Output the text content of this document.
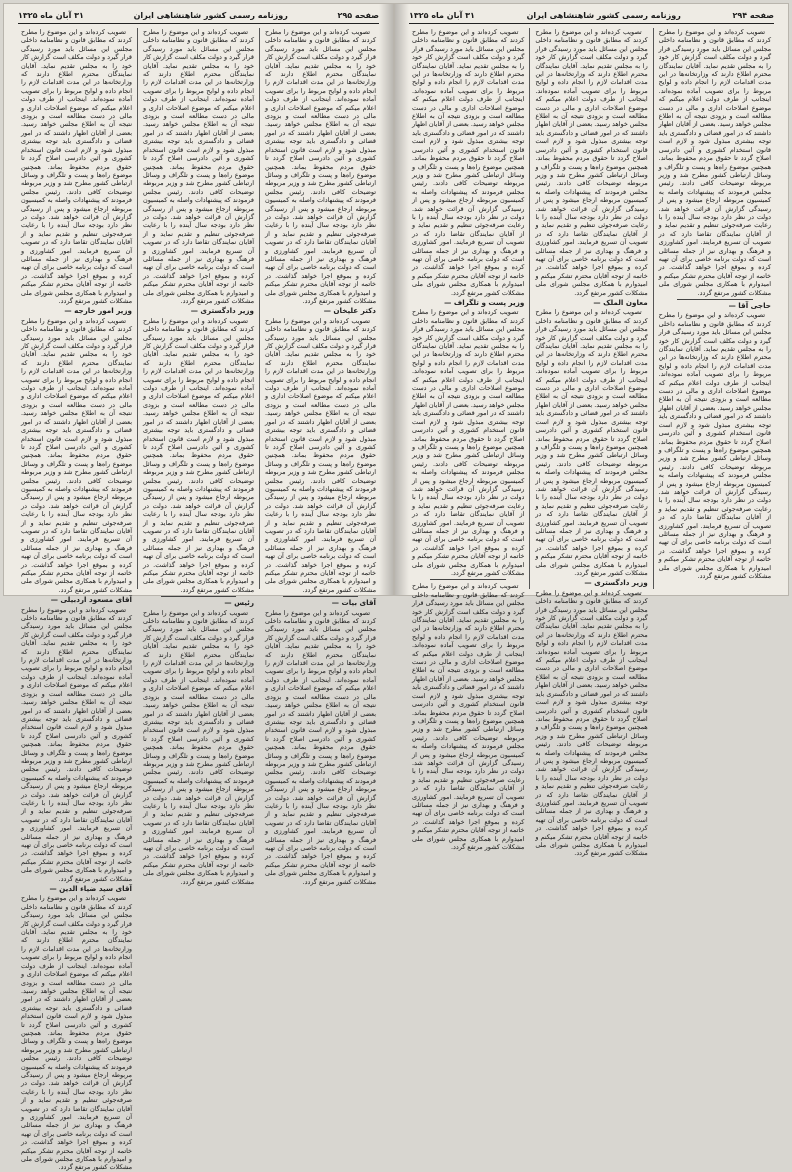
صفحه ۲۹۵
روزنامه رسمی کشور شاهنشاهی ایران
۳۱ آبان ماه ۱۳۲۵

تصویب کرده‌اند و این موضوع را مطرح کردند که مطابق قانون و نظامنامه داخلی مجلس این مسائل باید مورد رسیدگی قرار گیرد و دولت مکلف است گزارش کار خود را به مجلس تقدیم نماید. آقایان نمایندگان محترم اطلاع دارند که وزارتخانه‌ها در این مدت اقدامات لازم را انجام داده و لوایح مربوط را برای تصویب آماده نموده‌اند. اینجانب از طرف دولت اعلام میکنم که موضوع اصلاحات اداری و مالی در دست مطالعه است و بزودی نتیجه آن به اطلاع مجلس خواهد رسید. بعضی از آقایان اظهار داشتند که در امور قضائی و دادگستری باید توجه بیشتری مبذول شود و لازم است قانون استخدام کشوری و آئین دادرسی اصلاح گردد تا حقوق مردم محفوظ بماند. همچنین موضوع راه‌ها و پست و تلگراف و وسائل ارتباطی کشور مطرح شد و وزیر مربوطه توضیحات کافی دادند. رئیس مجلس فرمودند که پیشنهادات واصله به کمیسیون مربوطه ارجاع میشود و پس از رسیدگی گزارش آن قرائت خواهد شد. دولت در نظر دارد بودجه سال آینده را با رعایت صرفه‌جوئی تنظیم و تقدیم نماید و از آقایان نمایندگان تقاضا دارد که در تصویب آن تسریع فرمایند. امور کشاورزی و فرهنگ و بهداری نیز از جمله مسائلی است که دولت برنامه خاصی برای آن تهیه کرده و بموقع اجرا خواهد گذاشت. در خاتمه از توجه آقایان محترم تشکر میکنم و امیدوارم با همکاری مجلس شورای ملی مشکلات کشور مرتفع گردد.

دکتر علیخان —

تصویب کرده‌اند و این موضوع را مطرح کردند که مطابق قانون و نظامنامه داخلی مجلس این مسائل باید مورد رسیدگی قرار گیرد و دولت مکلف است گزارش کار خود را به مجلس تقدیم نماید. آقایان نمایندگان محترم اطلاع دارند که وزارتخانه‌ها در این مدت اقدامات لازم را انجام داده و لوایح مربوط را برای تصویب آماده نموده‌اند. اینجانب از طرف دولت اعلام میکنم که موضوع اصلاحات اداری و مالی در دست مطالعه است و بزودی نتیجه آن به اطلاع مجلس خواهد رسید. بعضی از آقایان اظهار داشتند که در امور قضائی و دادگستری باید توجه بیشتری مبذول شود و لازم است قانون استخدام کشوری و آئین دادرسی اصلاح گردد تا حقوق مردم محفوظ بماند. همچنین موضوع راه‌ها و پست و تلگراف و وسائل ارتباطی کشور مطرح شد و وزیر مربوطه توضیحات کافی دادند. رئیس مجلس فرمودند که پیشنهادات واصله به کمیسیون مربوطه ارجاع میشود و پس از رسیدگی گزارش آن قرائت خواهد شد. دولت در نظر دارد بودجه سال آینده را با رعایت صرفه‌جوئی تنظیم و تقدیم نماید و از آقایان نمایندگان تقاضا دارد که در تصویب آن تسریع فرمایند. امور کشاورزی و فرهنگ و بهداری نیز از جمله مسائلی است که دولت برنامه خاصی برای آن تهیه کرده و بموقع اجرا خواهد گذاشت. در خاتمه از توجه آقایان محترم تشکر میکنم و امیدوارم با همکاری مجلس شورای ملی مشکلات کشور مرتفع گردد.

آقای بیات —

تصویب کرده‌اند و این موضوع را مطرح کردند که مطابق قانون و نظامنامه داخلی مجلس این مسائل باید مورد رسیدگی قرار گیرد و دولت مکلف است گزارش کار خود را به مجلس تقدیم نماید. آقایان نمایندگان محترم اطلاع دارند که وزارتخانه‌ها در این مدت اقدامات لازم را انجام داده و لوایح مربوط را برای تصویب آماده نموده‌اند. اینجانب از طرف دولت اعلام میکنم که موضوع اصلاحات اداری و مالی در دست مطالعه است و بزودی نتیجه آن به اطلاع مجلس خواهد رسید. بعضی از آقایان اظهار داشتند که در امور قضائی و دادگستری باید توجه بیشتری مبذول شود و لازم است قانون استخدام کشوری و آئین دادرسی اصلاح گردد تا حقوق مردم محفوظ بماند. همچنین موضوع راه‌ها و پست و تلگراف و وسائل ارتباطی کشور مطرح شد و وزیر مربوطه توضیحات کافی دادند. رئیس مجلس فرمودند که پیشنهادات واصله به کمیسیون مربوطه ارجاع میشود و پس از رسیدگی گزارش آن قرائت خواهد شد. دولت در نظر دارد بودجه سال آینده را با رعایت صرفه‌جوئی تنظیم و تقدیم نماید و از آقایان نمایندگان تقاضا دارد که در تصویب آن تسریع فرمایند. امور کشاورزی و فرهنگ و بهداری نیز از جمله مسائلی است که دولت برنامه خاصی برای آن تهیه کرده و بموقع اجرا خواهد گذاشت. در خاتمه از توجه آقایان محترم تشکر میکنم و امیدوارم با همکاری مجلس شورای ملی مشکلات کشور مرتفع گردد.

تصویب کرده‌اند و این موضوع را مطرح کردند که مطابق قانون و نظامنامه داخلی مجلس این مسائل باید مورد رسیدگی قرار گیرد و دولت مکلف است گزارش کار خود را به مجلس تقدیم نماید. آقایان نمایندگان محترم اطلاع دارند که وزارتخانه‌ها در این مدت اقدامات لازم را انجام داده و لوایح مربوط را برای تصویب آماده نموده‌اند. اینجانب از طرف دولت اعلام میکنم که موضوع اصلاحات اداری و مالی در دست مطالعه است و بزودی نتیجه آن به اطلاع مجلس خواهد رسید. بعضی از آقایان اظهار داشتند که در امور قضائی و دادگستری باید توجه بیشتری مبذول شود و لازم است قانون استخدام کشوری و آئین دادرسی اصلاح گردد تا حقوق مردم محفوظ بماند. همچنین موضوع راه‌ها و پست و تلگراف و وسائل ارتباطی کشور مطرح شد و وزیر مربوطه توضیحات کافی دادند. رئیس مجلس فرمودند که پیشنهادات واصله به کمیسیون مربوطه ارجاع میشود و پس از رسیدگی گزارش آن قرائت خواهد شد. دولت در نظر دارد بودجه سال آینده را با رعایت صرفه‌جوئی تنظیم و تقدیم نماید و از آقایان نمایندگان تقاضا دارد که در تصویب آن تسریع فرمایند. امور کشاورزی و فرهنگ و بهداری نیز از جمله مسائلی است که دولت برنامه خاصی برای آن تهیه کرده و بموقع اجرا خواهد گذاشت. در خاتمه از توجه آقایان محترم تشکر میکنم و امیدوارم با همکاری مجلس شورای ملی مشکلات کشور مرتفع گردد.

وزیر دادگستری —

تصویب کرده‌اند و این موضوع را مطرح کردند که مطابق قانون و نظامنامه داخلی مجلس این مسائل باید مورد رسیدگی قرار گیرد و دولت مکلف است گزارش کار خود را به مجلس تقدیم نماید. آقایان نمایندگان محترم اطلاع دارند که وزارتخانه‌ها در این مدت اقدامات لازم را انجام داده و لوایح مربوط را برای تصویب آماده نموده‌اند. اینجانب از طرف دولت اعلام میکنم که موضوع اصلاحات اداری و مالی در دست مطالعه است و بزودی نتیجه آن به اطلاع مجلس خواهد رسید. بعضی از آقایان اظهار داشتند که در امور قضائی و دادگستری باید توجه بیشتری مبذول شود و لازم است قانون استخدام کشوری و آئین دادرسی اصلاح گردد تا حقوق مردم محفوظ بماند. همچنین موضوع راه‌ها و پست و تلگراف و وسائل ارتباطی کشور مطرح شد و وزیر مربوطه توضیحات کافی دادند. رئیس مجلس فرمودند که پیشنهادات واصله به کمیسیون مربوطه ارجاع میشود و پس از رسیدگی گزارش آن قرائت خواهد شد. دولت در نظر دارد بودجه سال آینده را با رعایت صرفه‌جوئی تنظیم و تقدیم نماید و از آقایان نمایندگان تقاضا دارد که در تصویب آن تسریع فرمایند. امور کشاورزی و فرهنگ و بهداری نیز از جمله مسائلی است که دولت برنامه خاصی برای آن تهیه کرده و بموقع اجرا خواهد گذاشت. در خاتمه از توجه آقایان محترم تشکر میکنم و امیدوارم با همکاری مجلس شورای ملی مشکلات کشور مرتفع گردد.

رئیس —

تصویب کرده‌اند و این موضوع را مطرح کردند که مطابق قانون و نظامنامه داخلی مجلس این مسائل باید مورد رسیدگی قرار گیرد و دولت مکلف است گزارش کار خود را به مجلس تقدیم نماید. آقایان نمایندگان محترم اطلاع دارند که وزارتخانه‌ها در این مدت اقدامات لازم را انجام داده و لوایح مربوط را برای تصویب آماده نموده‌اند. اینجانب از طرف دولت اعلام میکنم که موضوع اصلاحات اداری و مالی در دست مطالعه است و بزودی نتیجه آن به اطلاع مجلس خواهد رسید. بعضی از آقایان اظهار داشتند که در امور قضائی و دادگستری باید توجه بیشتری مبذول شود و لازم است قانون استخدام کشوری و آئین دادرسی اصلاح گردد تا حقوق مردم محفوظ بماند. همچنین موضوع راه‌ها و پست و تلگراف و وسائل ارتباطی کشور مطرح شد و وزیر مربوطه توضیحات کافی دادند. رئیس مجلس فرمودند که پیشنهادات واصله به کمیسیون مربوطه ارجاع میشود و پس از رسیدگی گزارش آن قرائت خواهد شد. دولت در نظر دارد بودجه سال آینده را با رعایت صرفه‌جوئی تنظیم و تقدیم نماید و از آقایان نمایندگان تقاضا دارد که در تصویب آن تسریع فرمایند. امور کشاورزی و فرهنگ و بهداری نیز از جمله مسائلی است که دولت برنامه خاصی برای آن تهیه کرده و بموقع اجرا خواهد گذاشت. در خاتمه از توجه آقایان محترم تشکر میکنم و امیدوارم با همکاری مجلس شورای ملی مشکلات کشور مرتفع گردد.

تصویب کرده‌اند و این موضوع را مطرح کردند که مطابق قانون و نظامنامه داخلی مجلس این مسائل باید مورد رسیدگی قرار گیرد و دولت مکلف است گزارش کار خود را به مجلس تقدیم نماید. آقایان نمایندگان محترم اطلاع دارند که وزارتخانه‌ها در این مدت اقدامات لازم را انجام داده و لوایح مربوط را برای تصویب آماده نموده‌اند. اینجانب از طرف دولت اعلام میکنم که موضوع اصلاحات اداری و مالی در دست مطالعه است و بزودی نتیجه آن به اطلاع مجلس خواهد رسید. بعضی از آقایان اظهار داشتند که در امور قضائی و دادگستری باید توجه بیشتری مبذول شود و لازم است قانون استخدام کشوری و آئین دادرسی اصلاح گردد تا حقوق مردم محفوظ بماند. همچنین موضوع راه‌ها و پست و تلگراف و وسائل ارتباطی کشور مطرح شد و وزیر مربوطه توضیحات کافی دادند. رئیس مجلس فرمودند که پیشنهادات واصله به کمیسیون مربوطه ارجاع میشود و پس از رسیدگی گزارش آن قرائت خواهد شد. دولت در نظر دارد بودجه سال آینده را با رعایت صرفه‌جوئی تنظیم و تقدیم نماید و از آقایان نمایندگان تقاضا دارد که در تصویب آن تسریع فرمایند. امور کشاورزی و فرهنگ و بهداری نیز از جمله مسائلی است که دولت برنامه خاصی برای آن تهیه کرده و بموقع اجرا خواهد گذاشت. در خاتمه از توجه آقایان محترم تشکر میکنم و امیدوارم با همکاری مجلس شورای ملی مشکلات کشور مرتفع گردد.

وزیر امور خارجه —

تصویب کرده‌اند و این موضوع را مطرح کردند که مطابق قانون و نظامنامه داخلی مجلس این مسائل باید مورد رسیدگی قرار گیرد و دولت مکلف است گزارش کار خود را به مجلس تقدیم نماید. آقایان نمایندگان محترم اطلاع دارند که وزارتخانه‌ها در این مدت اقدامات لازم را انجام داده و لوایح مربوط را برای تصویب آماده نموده‌اند. اینجانب از طرف دولت اعلام میکنم که موضوع اصلاحات اداری و مالی در دست مطالعه است و بزودی نتیجه آن به اطلاع مجلس خواهد رسید. بعضی از آقایان اظهار داشتند که در امور قضائی و دادگستری باید توجه بیشتری مبذول شود و لازم است قانون استخدام کشوری و آئین دادرسی اصلاح گردد تا حقوق مردم محفوظ بماند. همچنین موضوع راه‌ها و پست و تلگراف و وسائل ارتباطی کشور مطرح شد و وزیر مربوطه توضیحات کافی دادند. رئیس مجلس فرمودند که پیشنهادات واصله به کمیسیون مربوطه ارجاع میشود و پس از رسیدگی گزارش آن قرائت خواهد شد. دولت در نظر دارد بودجه سال آینده را با رعایت صرفه‌جوئی تنظیم و تقدیم نماید و از آقایان نمایندگان تقاضا دارد که در تصویب آن تسریع فرمایند. امور کشاورزی و فرهنگ و بهداری نیز از جمله مسائلی است که دولت برنامه خاصی برای آن تهیه کرده و بموقع اجرا خواهد گذاشت. در خاتمه از توجه آقایان محترم تشکر میکنم و امیدوارم با همکاری مجلس شورای ملی مشکلات کشور مرتفع گردد.

آقای مسعود اردبیلی —

تصویب کرده‌اند و این موضوع را مطرح کردند که مطابق قانون و نظامنامه داخلی مجلس این مسائل باید مورد رسیدگی قرار گیرد و دولت مکلف است گزارش کار خود را به مجلس تقدیم نماید. آقایان نمایندگان محترم اطلاع دارند که وزارتخانه‌ها در این مدت اقدامات لازم را انجام داده و لوایح مربوط را برای تصویب آماده نموده‌اند. اینجانب از طرف دولت اعلام میکنم که موضوع اصلاحات اداری و مالی در دست مطالعه است و بزودی نتیجه آن به اطلاع مجلس خواهد رسید. بعضی از آقایان اظهار داشتند که در امور قضائی و دادگستری باید توجه بیشتری مبذول شود و لازم است قانون استخدام کشوری و آئین دادرسی اصلاح گردد تا حقوق مردم محفوظ بماند. همچنین موضوع راه‌ها و پست و تلگراف و وسائل ارتباطی کشور مطرح شد و وزیر مربوطه توضیحات کافی دادند. رئیس مجلس فرمودند که پیشنهادات واصله به کمیسیون مربوطه ارجاع میشود و پس از رسیدگی گزارش آن قرائت خواهد شد. دولت در نظر دارد بودجه سال آینده را با رعایت صرفه‌جوئی تنظیم و تقدیم نماید و از آقایان نمایندگان تقاضا دارد که در تصویب آن تسریع فرمایند. امور کشاورزی و فرهنگ و بهداری نیز از جمله مسائلی است که دولت برنامه خاصی برای آن تهیه کرده و بموقع اجرا خواهد گذاشت. در خاتمه از توجه آقایان محترم تشکر میکنم و امیدوارم با همکاری مجلس شورای ملی مشکلات کشور مرتفع گردد.

آقای سید ضیاء الدین —

تصویب کرده‌اند و این موضوع را مطرح کردند که مطابق قانون و نظامنامه داخلی مجلس این مسائل باید مورد رسیدگی قرار گیرد و دولت مکلف است گزارش کار خود را به مجلس تقدیم نماید. آقایان نمایندگان محترم اطلاع دارند که وزارتخانه‌ها در این مدت اقدامات لازم را انجام داده و لوایح مربوط را برای تصویب آماده نموده‌اند. اینجانب از طرف دولت اعلام میکنم که موضوع اصلاحات اداری و مالی در دست مطالعه است و بزودی نتیجه آن به اطلاع مجلس خواهد رسید. بعضی از آقایان اظهار داشتند که در امور قضائی و دادگستری باید توجه بیشتری مبذول شود و لازم است قانون استخدام کشوری و آئین دادرسی اصلاح گردد تا حقوق مردم محفوظ بماند. همچنین موضوع راه‌ها و پست و تلگراف و وسائل ارتباطی کشور مطرح شد و وزیر مربوطه توضیحات کافی دادند. رئیس مجلس فرمودند که پیشنهادات واصله به کمیسیون مربوطه ارجاع میشود و پس از رسیدگی گزارش آن قرائت خواهد شد. دولت در نظر دارد بودجه سال آینده را با رعایت صرفه‌جوئی تنظیم و تقدیم نماید و از آقایان نمایندگان تقاضا دارد که در تصویب آن تسریع فرمایند. امور کشاورزی و فرهنگ و بهداری نیز از جمله مسائلی است که دولت برنامه خاصی برای آن تهیه کرده و بموقع اجرا خواهد گذاشت. در خاتمه از توجه آقایان محترم تشکر میکنم و امیدوارم با همکاری مجلس شورای ملی مشکلات کشور مرتفع گردد.

صفحه ۲۹۴
روزنامه رسمی کشور شاهنشاهی ایران
۳۱ آبان ماه ۱۳۲۵

تصویب کرده‌اند و این موضوع را مطرح کردند که مطابق قانون و نظامنامه داخلی مجلس این مسائل باید مورد رسیدگی قرار گیرد و دولت مکلف است گزارش کار خود را به مجلس تقدیم نماید. آقایان نمایندگان محترم اطلاع دارند که وزارتخانه‌ها در این مدت اقدامات لازم را انجام داده و لوایح مربوط را برای تصویب آماده نموده‌اند. اینجانب از طرف دولت اعلام میکنم که موضوع اصلاحات اداری و مالی در دست مطالعه است و بزودی نتیجه آن به اطلاع مجلس خواهد رسید. بعضی از آقایان اظهار داشتند که در امور قضائی و دادگستری باید توجه بیشتری مبذول شود و لازم است قانون استخدام کشوری و آئین دادرسی اصلاح گردد تا حقوق مردم محفوظ بماند. همچنین موضوع راه‌ها و پست و تلگراف و وسائل ارتباطی کشور مطرح شد و وزیر مربوطه توضیحات کافی دادند. رئیس مجلس فرمودند که پیشنهادات واصله به کمیسیون مربوطه ارجاع میشود و پس از رسیدگی گزارش آن قرائت خواهد شد. دولت در نظر دارد بودجه سال آینده را با رعایت صرفه‌جوئی تنظیم و تقدیم نماید و از آقایان نمایندگان تقاضا دارد که در تصویب آن تسریع فرمایند. امور کشاورزی و فرهنگ و بهداری نیز از جمله مسائلی است که دولت برنامه خاصی برای آن تهیه کرده و بموقع اجرا خواهد گذاشت. در خاتمه از توجه آقایان محترم تشکر میکنم و امیدوارم با همکاری مجلس شورای ملی مشکلات کشور مرتفع گردد.

حاجی آقا —

تصویب کرده‌اند و این موضوع را مطرح کردند که مطابق قانون و نظامنامه داخلی مجلس این مسائل باید مورد رسیدگی قرار گیرد و دولت مکلف است گزارش کار خود را به مجلس تقدیم نماید. آقایان نمایندگان محترم اطلاع دارند که وزارتخانه‌ها در این مدت اقدامات لازم را انجام داده و لوایح مربوط را برای تصویب آماده نموده‌اند. اینجانب از طرف دولت اعلام میکنم که موضوع اصلاحات اداری و مالی در دست مطالعه است و بزودی نتیجه آن به اطلاع مجلس خواهد رسید. بعضی از آقایان اظهار داشتند که در امور قضائی و دادگستری باید توجه بیشتری مبذول شود و لازم است قانون استخدام کشوری و آئین دادرسی اصلاح گردد تا حقوق مردم محفوظ بماند. همچنین موضوع راه‌ها و پست و تلگراف و وسائل ارتباطی کشور مطرح شد و وزیر مربوطه توضیحات کافی دادند. رئیس مجلس فرمودند که پیشنهادات واصله به کمیسیون مربوطه ارجاع میشود و پس از رسیدگی گزارش آن قرائت خواهد شد. دولت در نظر دارد بودجه سال آینده را با رعایت صرفه‌جوئی تنظیم و تقدیم نماید و از آقایان نمایندگان تقاضا دارد که در تصویب آن تسریع فرمایند. امور کشاورزی و فرهنگ و بهداری نیز از جمله مسائلی است که دولت برنامه خاصی برای آن تهیه کرده و بموقع اجرا خواهد گذاشت. در خاتمه از توجه آقایان محترم تشکر میکنم و امیدوارم با همکاری مجلس شورای ملی مشکلات کشور مرتفع گردد.

تصویب کرده‌اند و این موضوع را مطرح کردند که مطابق قانون و نظامنامه داخلی مجلس این مسائل باید مورد رسیدگی قرار گیرد و دولت مکلف است گزارش کار خود را به مجلس تقدیم نماید. آقایان نمایندگان محترم اطلاع دارند که وزارتخانه‌ها در این مدت اقدامات لازم را انجام داده و لوایح مربوط را برای تصویب آماده نموده‌اند. اینجانب از طرف دولت اعلام میکنم که موضوع اصلاحات اداری و مالی در دست مطالعه است و بزودی نتیجه آن به اطلاع مجلس خواهد رسید. بعضی از آقایان اظهار داشتند که در امور قضائی و دادگستری باید توجه بیشتری مبذول شود و لازم است قانون استخدام کشوری و آئین دادرسی اصلاح گردد تا حقوق مردم محفوظ بماند. همچنین موضوع راه‌ها و پست و تلگراف و وسائل ارتباطی کشور مطرح شد و وزیر مربوطه توضیحات کافی دادند. رئیس مجلس فرمودند که پیشنهادات واصله به کمیسیون مربوطه ارجاع میشود و پس از رسیدگی گزارش آن قرائت خواهد شد. دولت در نظر دارد بودجه سال آینده را با رعایت صرفه‌جوئی تنظیم و تقدیم نماید و از آقایان نمایندگان تقاضا دارد که در تصویب آن تسریع فرمایند. امور کشاورزی و فرهنگ و بهداری نیز از جمله مسائلی است که دولت برنامه خاصی برای آن تهیه کرده و بموقع اجرا خواهد گذاشت. در خاتمه از توجه آقایان محترم تشکر میکنم و امیدوارم با همکاری مجلس شورای ملی مشکلات کشور مرتفع گردد.

معاون الملک —

تصویب کرده‌اند و این موضوع را مطرح کردند که مطابق قانون و نظامنامه داخلی مجلس این مسائل باید مورد رسیدگی قرار گیرد و دولت مکلف است گزارش کار خود را به مجلس تقدیم نماید. آقایان نمایندگان محترم اطلاع دارند که وزارتخانه‌ها در این مدت اقدامات لازم را انجام داده و لوایح مربوط را برای تصویب آماده نموده‌اند. اینجانب از طرف دولت اعلام میکنم که موضوع اصلاحات اداری و مالی در دست مطالعه است و بزودی نتیجه آن به اطلاع مجلس خواهد رسید. بعضی از آقایان اظهار داشتند که در امور قضائی و دادگستری باید توجه بیشتری مبذول شود و لازم است قانون استخدام کشوری و آئین دادرسی اصلاح گردد تا حقوق مردم محفوظ بماند. همچنین موضوع راه‌ها و پست و تلگراف و وسائل ارتباطی کشور مطرح شد و وزیر مربوطه توضیحات کافی دادند. رئیس مجلس فرمودند که پیشنهادات واصله به کمیسیون مربوطه ارجاع میشود و پس از رسیدگی گزارش آن قرائت خواهد شد. دولت در نظر دارد بودجه سال آینده را با رعایت صرفه‌جوئی تنظیم و تقدیم نماید و از آقایان نمایندگان تقاضا دارد که در تصویب آن تسریع فرمایند. امور کشاورزی و فرهنگ و بهداری نیز از جمله مسائلی است که دولت برنامه خاصی برای آن تهیه کرده و بموقع اجرا خواهد گذاشت. در خاتمه از توجه آقایان محترم تشکر میکنم و امیدوارم با همکاری مجلس شورای ملی مشکلات کشور مرتفع گردد.

وزیر دادگستری —

تصویب کرده‌اند و این موضوع را مطرح کردند که مطابق قانون و نظامنامه داخلی مجلس این مسائل باید مورد رسیدگی قرار گیرد و دولت مکلف است گزارش کار خود را به مجلس تقدیم نماید. آقایان نمایندگان محترم اطلاع دارند که وزارتخانه‌ها در این مدت اقدامات لازم را انجام داده و لوایح مربوط را برای تصویب آماده نموده‌اند. اینجانب از طرف دولت اعلام میکنم که موضوع اصلاحات اداری و مالی در دست مطالعه است و بزودی نتیجه آن به اطلاع مجلس خواهد رسید. بعضی از آقایان اظهار داشتند که در امور قضائی و دادگستری باید توجه بیشتری مبذول شود و لازم است قانون استخدام کشوری و آئین دادرسی اصلاح گردد تا حقوق مردم محفوظ بماند. همچنین موضوع راه‌ها و پست و تلگراف و وسائل ارتباطی کشور مطرح شد و وزیر مربوطه توضیحات کافی دادند. رئیس مجلس فرمودند که پیشنهادات واصله به کمیسیون مربوطه ارجاع میشود و پس از رسیدگی گزارش آن قرائت خواهد شد. دولت در نظر دارد بودجه سال آینده را با رعایت صرفه‌جوئی تنظیم و تقدیم نماید و از آقایان نمایندگان تقاضا دارد که در تصویب آن تسریع فرمایند. امور کشاورزی و فرهنگ و بهداری نیز از جمله مسائلی است که دولت برنامه خاصی برای آن تهیه کرده و بموقع اجرا خواهد گذاشت. در خاتمه از توجه آقایان محترم تشکر میکنم و امیدوارم با همکاری مجلس شورای ملی مشکلات کشور مرتفع گردد.

تصویب کرده‌اند و این موضوع را مطرح کردند که مطابق قانون و نظامنامه داخلی مجلس این مسائل باید مورد رسیدگی قرار گیرد و دولت مکلف است گزارش کار خود را به مجلس تقدیم نماید. آقایان نمایندگان محترم اطلاع دارند که وزارتخانه‌ها در این مدت اقدامات لازم را انجام داده و لوایح مربوط را برای تصویب آماده نموده‌اند. اینجانب از طرف دولت اعلام میکنم که موضوع اصلاحات اداری و مالی در دست مطالعه است و بزودی نتیجه آن به اطلاع مجلس خواهد رسید. بعضی از آقایان اظهار داشتند که در امور قضائی و دادگستری باید توجه بیشتری مبذول شود و لازم است قانون استخدام کشوری و آئین دادرسی اصلاح گردد تا حقوق مردم محفوظ بماند. همچنین موضوع راه‌ها و پست و تلگراف و وسائل ارتباطی کشور مطرح شد و وزیر مربوطه توضیحات کافی دادند. رئیس مجلس فرمودند که پیشنهادات واصله به کمیسیون مربوطه ارجاع میشود و پس از رسیدگی گزارش آن قرائت خواهد شد. دولت در نظر دارد بودجه سال آینده را با رعایت صرفه‌جوئی تنظیم و تقدیم نماید و از آقایان نمایندگان تقاضا دارد که در تصویب آن تسریع فرمایند. امور کشاورزی و فرهنگ و بهداری نیز از جمله مسائلی است که دولت برنامه خاصی برای آن تهیه کرده و بموقع اجرا خواهد گذاشت. در خاتمه از توجه آقایان محترم تشکر میکنم و امیدوارم با همکاری مجلس شورای ملی مشکلات کشور مرتفع گردد.

وزیر پست و تلگراف —

تصویب کرده‌اند و این موضوع را مطرح کردند که مطابق قانون و نظامنامه داخلی مجلس این مسائل باید مورد رسیدگی قرار گیرد و دولت مکلف است گزارش کار خود را به مجلس تقدیم نماید. آقایان نمایندگان محترم اطلاع دارند که وزارتخانه‌ها در این مدت اقدامات لازم را انجام داده و لوایح مربوط را برای تصویب آماده نموده‌اند. اینجانب از طرف دولت اعلام میکنم که موضوع اصلاحات اداری و مالی در دست مطالعه است و بزودی نتیجه آن به اطلاع مجلس خواهد رسید. بعضی از آقایان اظهار داشتند که در امور قضائی و دادگستری باید توجه بیشتری مبذول شود و لازم است قانون استخدام کشوری و آئین دادرسی اصلاح گردد تا حقوق مردم محفوظ بماند. همچنین موضوع راه‌ها و پست و تلگراف و وسائل ارتباطی کشور مطرح شد و وزیر مربوطه توضیحات کافی دادند. رئیس مجلس فرمودند که پیشنهادات واصله به کمیسیون مربوطه ارجاع میشود و پس از رسیدگی گزارش آن قرائت خواهد شد. دولت در نظر دارد بودجه سال آینده را با رعایت صرفه‌جوئی تنظیم و تقدیم نماید و از آقایان نمایندگان تقاضا دارد که در تصویب آن تسریع فرمایند. امور کشاورزی و فرهنگ و بهداری نیز از جمله مسائلی است که دولت برنامه خاصی برای آن تهیه کرده و بموقع اجرا خواهد گذاشت. در خاتمه از توجه آقایان محترم تشکر میکنم و امیدوارم با همکاری مجلس شورای ملی مشکلات کشور مرتفع گردد.

تصویب کرده‌اند و این موضوع را مطرح کردند که مطابق قانون و نظامنامه داخلی مجلس این مسائل باید مورد رسیدگی قرار گیرد و دولت مکلف است گزارش کار خود را به مجلس تقدیم نماید. آقایان نمایندگان محترم اطلاع دارند که وزارتخانه‌ها در این مدت اقدامات لازم را انجام داده و لوایح مربوط را برای تصویب آماده نموده‌اند. اینجانب از طرف دولت اعلام میکنم که موضوع اصلاحات اداری و مالی در دست مطالعه است و بزودی نتیجه آن به اطلاع مجلس خواهد رسید. بعضی از آقایان اظهار داشتند که در امور قضائی و دادگستری باید توجه بیشتری مبذول شود و لازم است قانون استخدام کشوری و آئین دادرسی اصلاح گردد تا حقوق مردم محفوظ بماند. همچنین موضوع راه‌ها و پست و تلگراف و وسائل ارتباطی کشور مطرح شد و وزیر مربوطه توضیحات کافی دادند. رئیس مجلس فرمودند که پیشنهادات واصله به کمیسیون مربوطه ارجاع میشود و پس از رسیدگی گزارش آن قرائت خواهد شد. دولت در نظر دارد بودجه سال آینده را با رعایت صرفه‌جوئی تنظیم و تقدیم نماید و از آقایان نمایندگان تقاضا دارد که در تصویب آن تسریع فرمایند. امور کشاورزی و فرهنگ و بهداری نیز از جمله مسائلی است که دولت برنامه خاصی برای آن تهیه کرده و بموقع اجرا خواهد گذاشت. در خاتمه از توجه آقایان محترم تشکر میکنم و امیدوارم با همکاری مجلس شورای ملی مشکلات کشور مرتفع گردد.
